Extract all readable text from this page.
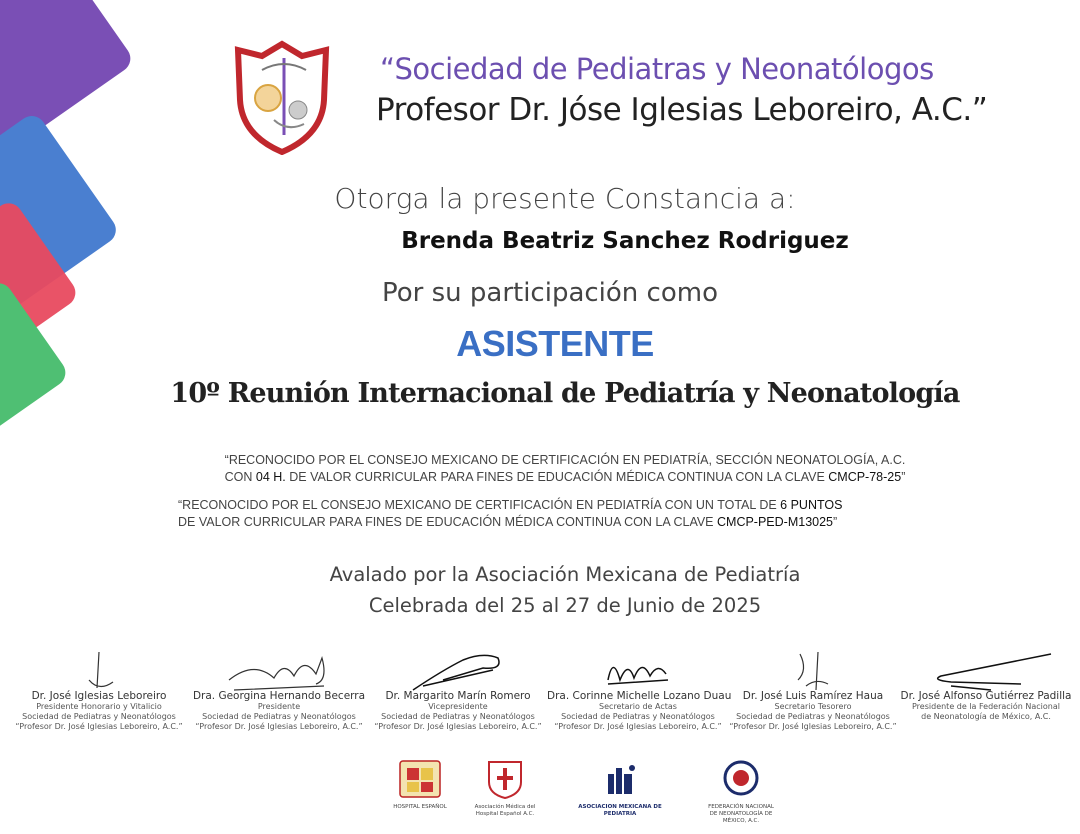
“Sociedad de Pediatras y Neonatólogos
Profesor Dr. Jóse Iglesias Leboreiro, A.C.”
Otorga la presente Constancia a:
Brenda Beatriz Sanchez Rodriguez
Por su participación como
ASISTENTE
10º Reunión Internacional de Pediatría y Neonatología
“RECONOCIDO POR EL CONSEJO MEXICANO DE CERTIFICACIÓN EN PEDIATRÍA, SECCIÓN NEONATOLOGÍA, A.C.
CON 04 H. DE VALOR CURRICULAR PARA FINES DE EDUCACIÓN MÉDICA CONTINUA CON LA CLAVE CMCP-78-25”
“RECONOCIDO POR EL CONSEJO MEXICANO DE CERTIFICACIÓN EN PEDIATRÍA CON UN TOTAL DE 6 PUNTOS
DE VALOR CURRICULAR PARA FINES DE EDUCACIÓN MÉDICA CONTINUA CON LA CLAVE CMCP-PED-M13025”
Avalado por la Asociación Mexicana de Pediatría
Celebrada del 25 al 27 de Junio de 2025
Dr. José Iglesias Leboreiro
Presidente Honorario y Vitalicio
Sociedad de Pediatras y Neonatólogos
“Profesor Dr. José Iglesias Leboreiro, A.C.”
Dra. Georgina Hernando Becerra
Presidente
Sociedad de Pediatras y Neonatólogos
“Profesor Dr. José Iglesias Leboreiro, A.C.”
Dr. Margarito Marín Romero
Vicepresidente
Sociedad de Pediatras y Neonatólogos
“Profesor Dr. José Iglesias Leboreiro, A.C.”
Dra. Corinne Michelle Lozano Duau
Secretario de Actas
Sociedad de Pediatras y Neonatólogos
“Profesor Dr. José Iglesias Leboreiro, A.C.”
Dr. José Luis Ramírez Haua
Secretario Tesorero
Sociedad de Pediatras y Neonatólogos
“Profesor Dr. José Iglesias Leboreiro, A.C.”
Dr. José Alfonso Gutiérrez Padilla
Presidente de la Federación Nacional
de Neonatología de México, A.C.
HOSPITAL ESPAÑOL	Asociación Médica del Hospital Español A.C.
ASOCIACION MEXICANA DE PEDIATRIA
FEDERACIÓN NACIONAL DE NEONATOLOGÍA DE MÉXICO, A.C.
